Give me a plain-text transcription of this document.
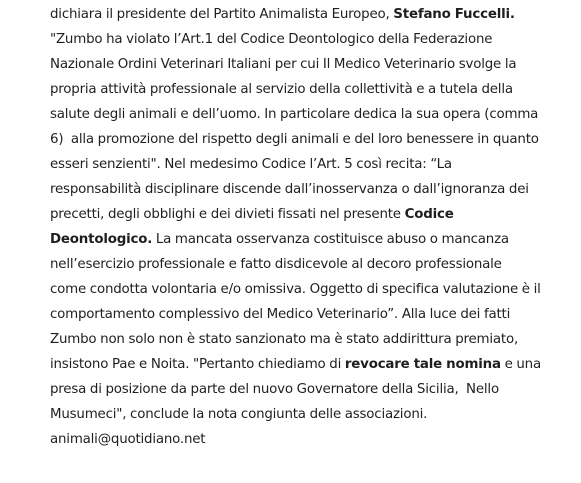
dichiara il presidente del Partito Animalista Europeo, Stefano Fuccelli.
"Zumbo ha violato l’Art.1 del Codice Deontologico della Federazione
Nazionale Ordini Veterinari Italiani per cui Il Medico Veterinario svolge la
propria attività professionale al servizio della collettività e a tutela della
salute degli animali e dell’uomo. In particolare dedica la sua opera (comma
6)  alla promozione del rispetto degli animali e del loro benessere in quanto
esseri senzienti". Nel medesimo Codice l’Art. 5 così recita: “La
responsabilità disciplinare discende dall’inosservanza o dall’ignoranza dei
precetti, degli obblighi e dei divieti fissati nel presente Codice
Deontologico. La mancata osservanza costituisce abuso o mancanza
nell’esercizio professionale e fatto disdicevole al decoro professionale
come condotta volontaria e/o omissiva. Oggetto di specifica valutazione è il
comportamento complessivo del Medico Veterinario”. Alla luce dei fatti
Zumbo non solo non è stato sanzionato ma è stato addirittura premiato,
insistono Pae e Noita. "Pertanto chiediamo di revocare tale nomina e una
presa di posizione da parte del nuovo Governatore della Sicilia,  Nello
Musumeci", conclude la nota congiunta delle associazioni.
animali@quotidiano.net
